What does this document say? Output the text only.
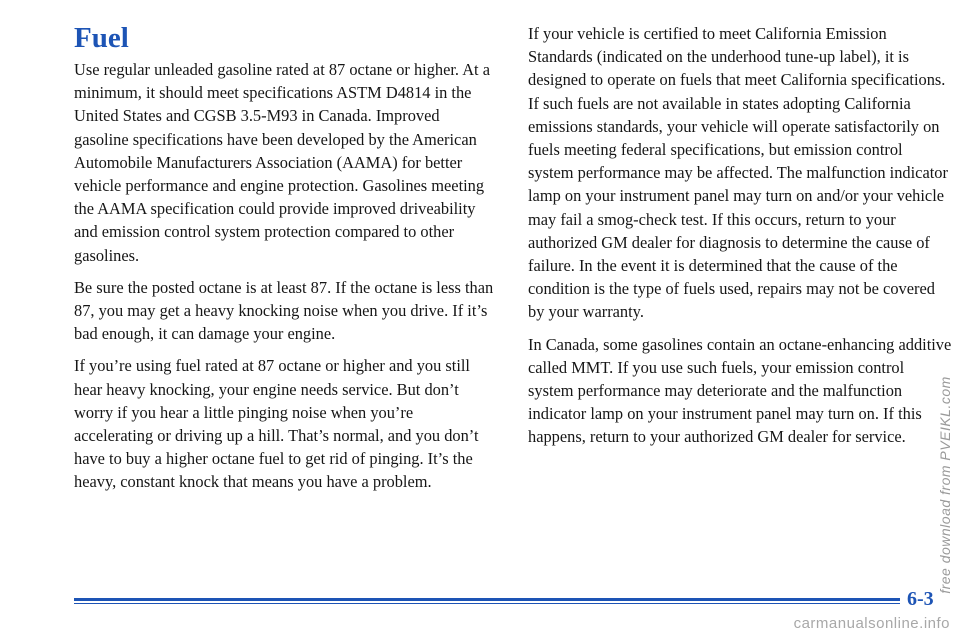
Fuel

Use regular unleaded gasoline rated at 87 octane or higher. At a minimum, it should meet specifications ASTM D4814 in the United States and CGSB 3.5-M93 in Canada. Improved gasoline specifications have been developed by the American Automobile Manufacturers Association (AAMA) for better vehicle performance and engine protection. Gasolines meeting the AAMA specification could provide improved driveability and emission control system protection compared to other gasolines.

Be sure the posted octane is at least 87. If the octane is less than 87, you may get a heavy knocking noise when you drive. If it’s bad enough, it can damage your engine.

If you’re using fuel rated at 87 octane or higher and you still hear heavy knocking, your engine needs service. But don’t worry if you hear a little pinging noise when you’re accelerating or driving up a hill. That’s normal, and you don’t have to buy a higher octane fuel to get rid of pinging. It’s the heavy, constant knock that means you have a problem.

If your vehicle is certified to meet California Emission Standards (indicated on the underhood tune-up label), it is designed to operate on fuels that meet California specifications. If such fuels are not available in states adopting California emissions standards, your vehicle will operate satisfactorily on fuels meeting federal specifications, but emission control system performance may be affected. The malfunction indicator lamp on your instrument panel may turn on and/or your vehicle may fail a smog-check test. If this occurs, return to your authorized GM dealer for diagnosis to determine the cause of failure. In the event it is determined that the cause of the condition is the type of fuels used, repairs may not be covered by your warranty.

In Canada, some gasolines contain an octane-enhancing additive called MMT. If you use such fuels, your emission control system performance may deteriorate and the malfunction indicator lamp on your instrument panel may turn on. If this happens, return to your authorized GM dealer for service.

6-3
free download from PVEIKL.com
carmanualsonline.info
